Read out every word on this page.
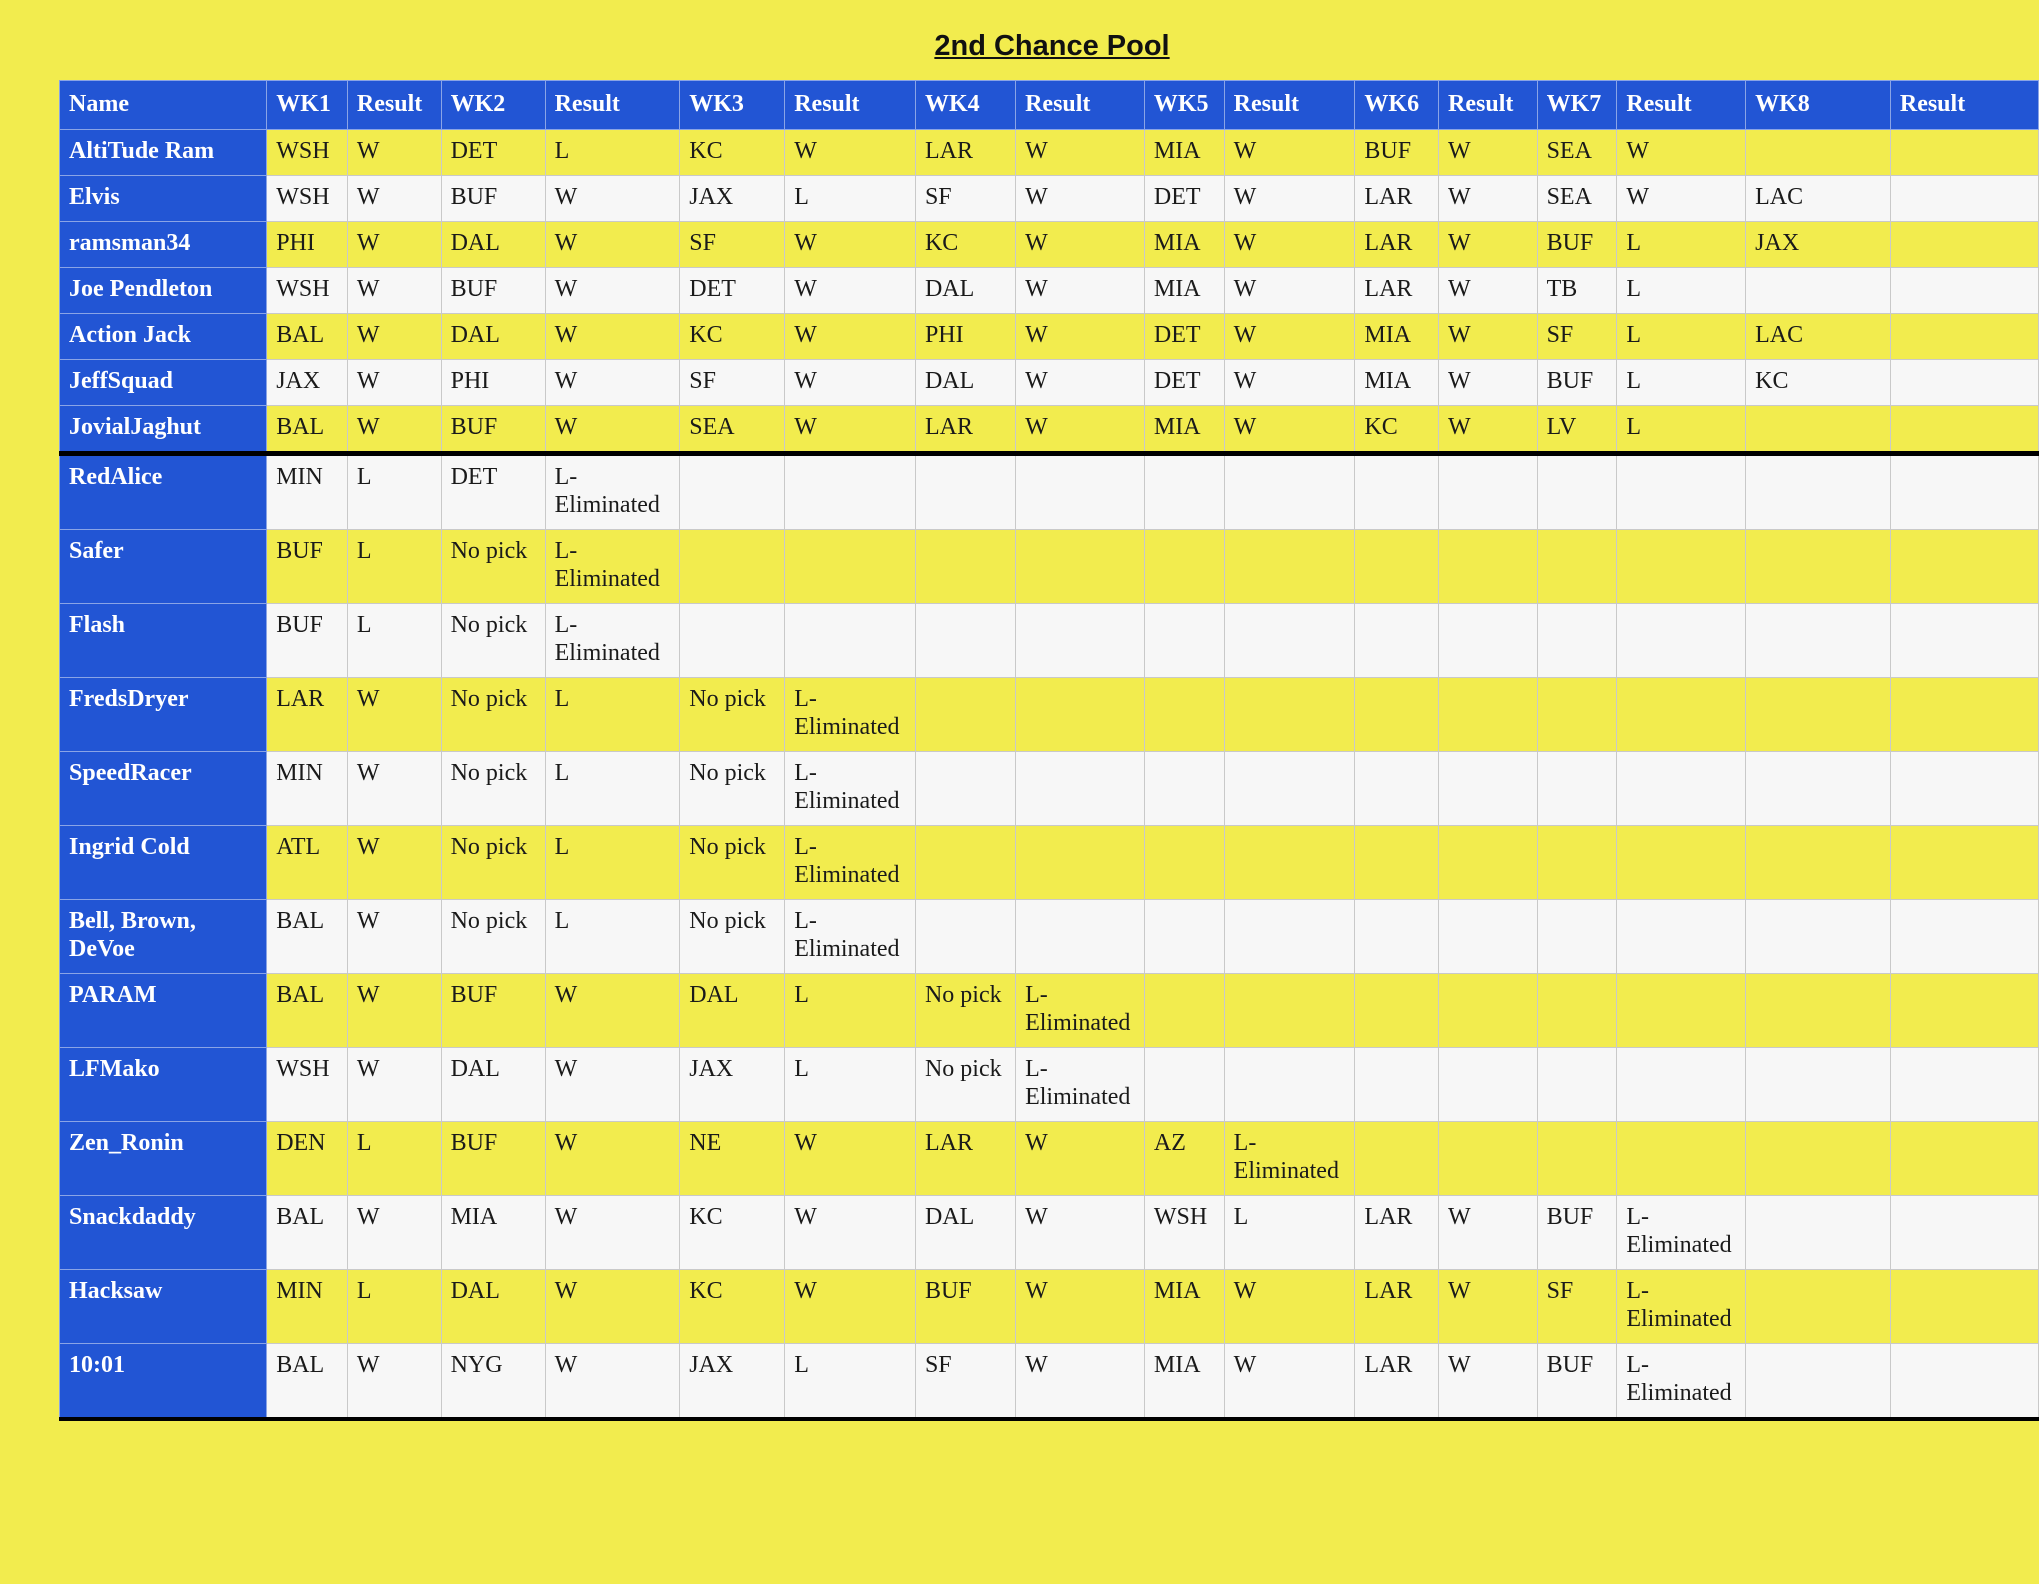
2nd Chance Pool
Name	WK1	Result	WK2	Result	WK3	Result	WK4	Result	WK5	Result	WK6	Result	WK7	Result	WK8	Result
AltiTude Ram	WSH	W	DET	L	KC	W	LAR	W	MIA	W	BUF	W	SEA	W		
Elvis	WSH	W	BUF	W	JAX	L	SF	W	DET	W	LAR	W	SEA	W	LAC	
ramsman34	PHI	W	DAL	W	SF	W	KC	W	MIA	W	LAR	W	BUF	L	JAX	
Joe Pendleton	WSH	W	BUF	W	DET	W	DAL	W	MIA	W	LAR	W	TB	L		
Action Jack	BAL	W	DAL	W	KC	W	PHI	W	DET	W	MIA	W	SF	L	LAC	
JeffSquad	JAX	W	PHI	W	SF	W	DAL	W	DET	W	MIA	W	BUF	L	KC	
JovialJaghut	BAL	W	BUF	W	SEA	W	LAR	W	MIA	W	KC	W	LV	L		
RedAlice	MIN	L	DET	L-Eliminated												
Safer	BUF	L	No pick	L-Eliminated												
Flash	BUF	L	No pick	L-Eliminated												
FredsDryer	LAR	W	No pick	L	No pick	L-Eliminated										
SpeedRacer	MIN	W	No pick	L	No pick	L-Eliminated										
Ingrid Cold	ATL	W	No pick	L	No pick	L-Eliminated										
Bell, Brown, DeVoe	BAL	W	No pick	L	No pick	L-Eliminated										
PARAM	BAL	W	BUF	W	DAL	L	No pick	L-Eliminated								
LFMako	WSH	W	DAL	W	JAX	L	No pick	L-Eliminated								
Zen_Ronin	DEN	L	BUF	W	NE	W	LAR	W	AZ	L-Eliminated						
Snackdaddy	BAL	W	MIA	W	KC	W	DAL	W	WSH	L	LAR	W	BUF	L-Eliminated		
Hacksaw	MIN	L	DAL	W	KC	W	BUF	W	MIA	W	LAR	W	SF	L-Eliminated		
10:01	BAL	W	NYG	W	JAX	L	SF	W	MIA	W	LAR	W	BUF	L-Eliminated		
